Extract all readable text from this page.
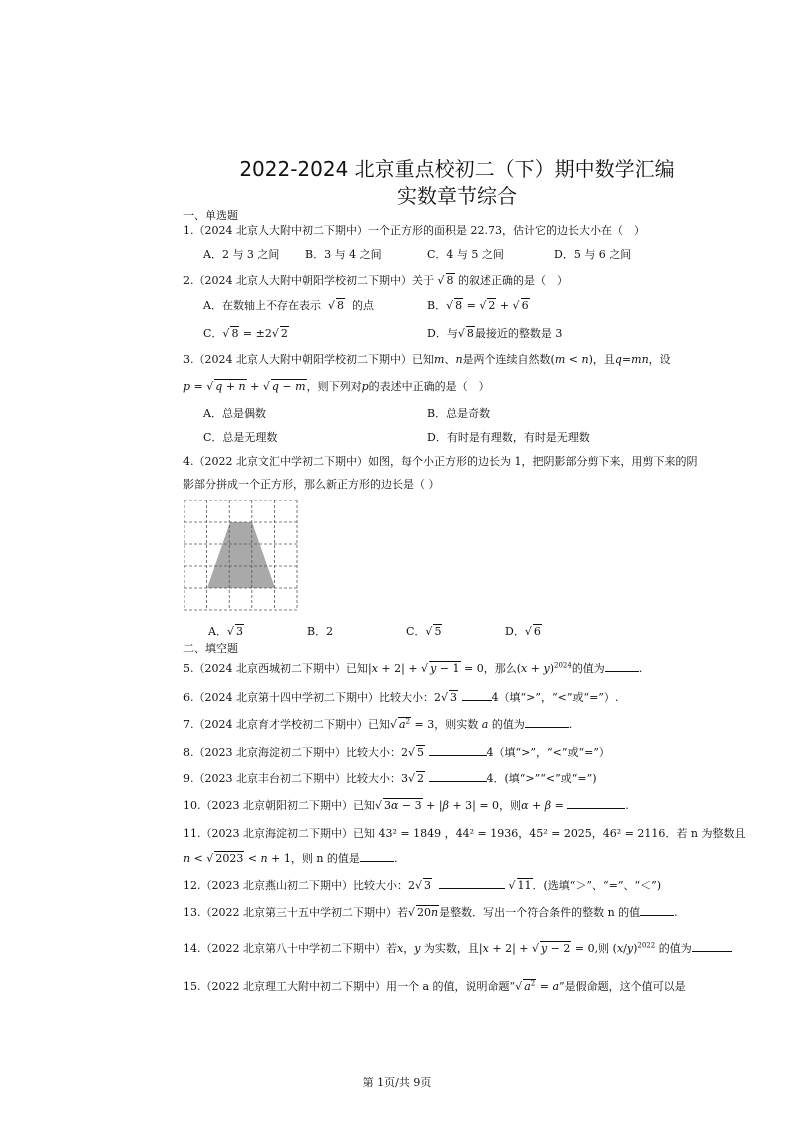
2022-2024 北京重点校初二（下）期中数学汇编
实数章节综合
一、单选题
1.（2024 北京人大附中初二下期中）一个正方形的面积是 22.73，估计它的边长大小在（　）
A．2 与 3 之间 B．3 与 4 之间	C．4 与 5 之间	D．5 与 6 之间
2.（2024 北京人大附中朝阳学校初二下期中）关于 √ 8 的叙述正确的是（　）
A．在数轴上不存在表示  √ 8 的点	B．√ 8 = √ 2 + √ 6
C．√ 8 = ±2√ 2	D．与√ 8最接近的整数是 3
3.（2024 北京人大附中朝阳学校初二下期中）已知m、n是两个连续自然数(m < n)，且q=mn，设
p = √ q + n + √ q − m，则下列对p的表述中正确的是（　）
A．总是偶数	B．总是奇数
C．总是无理数	D．有时是有理数，有时是无理数
4.（2022 北京文汇中学初二下期中）如图，每个小正方形的边长为 1，把阴影部分剪下来，用剪下来的阴
影部分拼成一个正方形，那么新正方形的边长是（ ）
A．√ 3	B．2	C．√ 5	D．√ 6
二、填空题
5.（2024 北京西城初二下期中）已知|x + 2| + √ y − 1 = 0，那么$(x + y)^{2024}$的值为	.
6.（2024 北京第十四中学初二下期中）比较大小：2√ 3	4（填“>”，“<”或“=”）.
7.（2024 北京育才学校初二下期中）已知√ $a^2 = 3$，则实数 a 的值为	.
8.（2023 北京海淀初二下期中）比较大小：2√ 5	4（填“>”，“<”或“=”）
9.（2023 北京丰台初二下期中）比较大小：3√ 2	4．(填“>”“<”或“=”)
10.（2023 北京朝阳初二下期中）已知√ 3α − 3 + |β + 3| = 0，则α + β =	.
11.（2023 北京海淀初二下期中）已知 43² = 1849 ，44² = 1936，45² = 2025，46² = 2116．若 n 为整数且
n < √ 2023 < n + 1，则 n 的值是	.
12.（2023 北京燕山初二下期中）比较大小：2√ 3	√ 11．(选填“＞”、“=”、“＜”)
13.（2022 北京第三十五中学初二下期中）若√ 20n是整数．写出一个符合条件的整数 n 的值	.
14.（2022 北京第八十中学初二下期中）若x，y 为实数，且|x + 2| + √ y − 2 = 0,则 $(x/y)^{2022}$ 的值为
15.（2022 北京理工大附中初二下期中）用一个 a 的值，说明命题“√ $a^2 = a$”是假命题，这个值可以是
第 1页/共 9页
